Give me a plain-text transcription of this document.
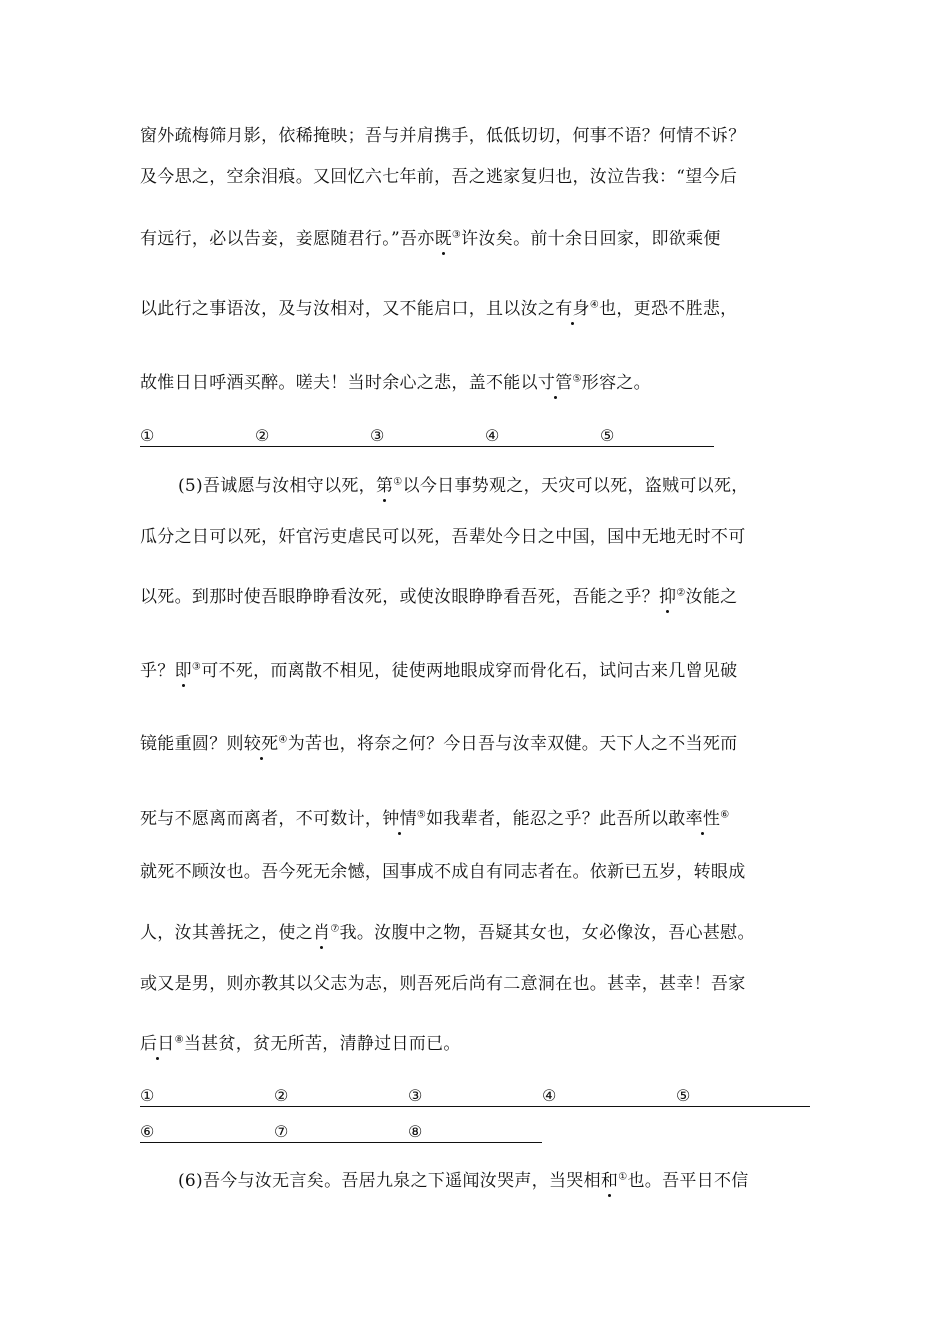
窗外疏梅筛月影，依稀掩映；吾与并肩携手，低低切切，何事不语？何情不诉？
及今思之，空余泪痕。又回忆六七年前，吾之逃家复归也，汝泣告我：“望今后
有远行，必以告妾，妾愿随君行。”吾亦既③许汝矣。前十余日回家，即欲乘便
以此行之事语汝，及与汝相对，又不能启口，且以汝之有身④也，更恐不胜悲，
故惟日日呼酒买醉。嗟夫！当时余心之悲，盖不能以寸管⑤形容之。
①	②	③	④	⑤
(5)吾诚愿与汝相守以死，第①以今日事势观之，天灾可以死，盗贼可以死，
瓜分之日可以死，奸官污吏虐民可以死，吾辈处今日之中国，国中无地无时不可
以死。到那时使吾眼睁睁看汝死，或使汝眼睁睁看吾死，吾能之乎？抑②汝能之
乎？即③可不死，而离散不相见，徒使两地眼成穿而骨化石，试问古来几曾见破
镜能重圆？则较死④为苦也，将奈之何？今日吾与汝幸双健。天下人之不当死而
死与不愿离而离者，不可数计，钟情⑤如我辈者，能忍之乎？此吾所以敢率性⑥
就死不顾汝也。吾今死无余憾，国事成不成自有同志者在。依新已五岁，转眼成
人，汝其善抚之，使之肖⑦我。汝腹中之物，吾疑其女也，女必像汝，吾心甚慰。
或又是男，则亦教其以父志为志，则吾死后尚有二意洞在也。甚幸，甚幸！吾家
后日⑧当甚贫，贫无所苦，清静过日而已。
①	②	③	④	⑤
⑥	⑦	⑧
(6)吾今与汝无言矣。吾居九泉之下遥闻汝哭声，当哭相和①也。吾平日不信
